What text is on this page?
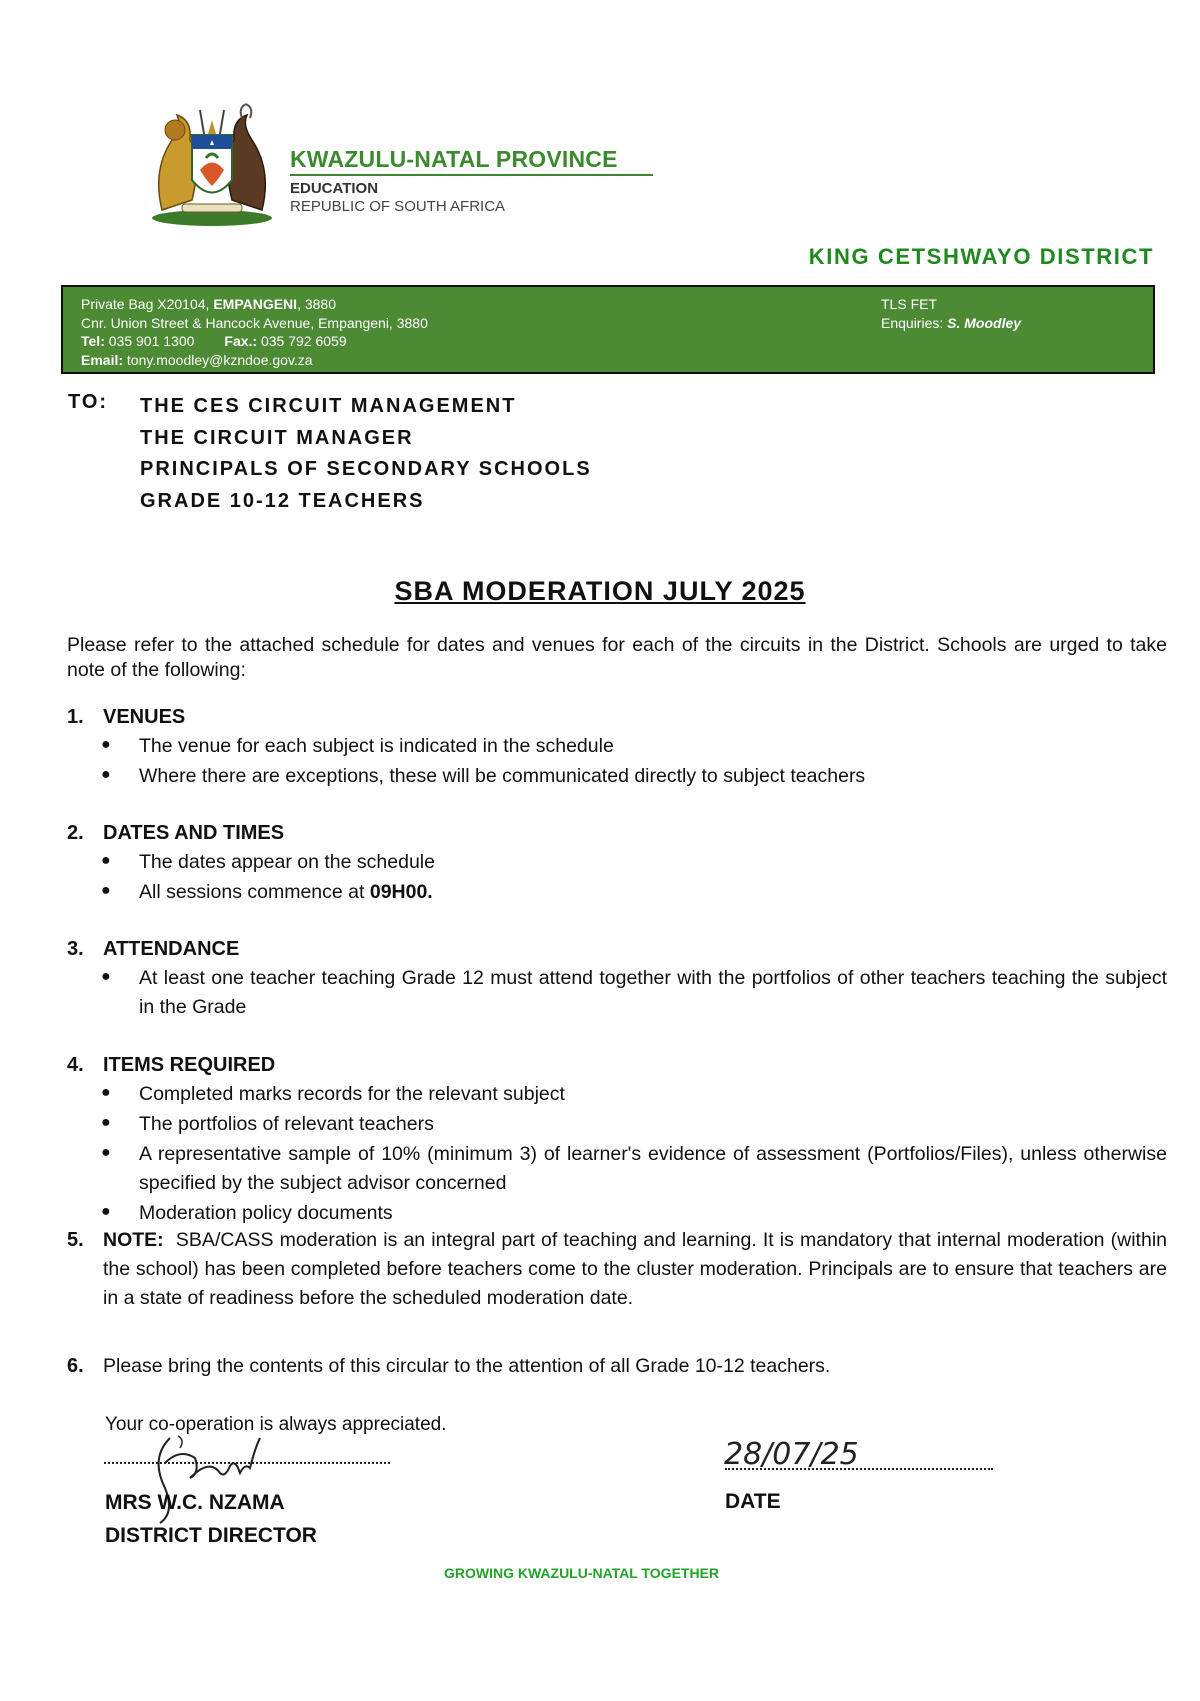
KWAZULU-NATAL PROVINCE
EDUCATION
REPUBLIC OF SOUTH AFRICA
KING CETSHWAYO DISTRICT
Private Bag X20104, EMPANGENI, 3880
Cnr. Union Street & Hancock Avenue, Empangeni, 3880
Tel: 035 901 1300 Fax.: 035 792 6059
Email: tony.moodley@kzndoe.gov.za
TLS FET
Enquiries: S. Moodley
TO: THE CES CIRCUIT MANAGEMENT
THE CIRCUIT MANAGER
PRINCIPALS OF SECONDARY SCHOOLS
GRADE 10-12 TEACHERS
SBA MODERATION JULY 2025
Please refer to the attached schedule for dates and venues for each of the circuits in the District. Schools are urged to take note of the following:
1. VENUES
● The venue for each subject is indicated in the schedule
● Where there are exceptions, these will be communicated directly to subject teachers
2. DATES AND TIMES
● The dates appear on the schedule
● All sessions commence at 09H00.
3. ATTENDANCE
● At least one teacher teaching Grade 12 must attend together with the portfolios of other teachers teaching the subject in the Grade
4. ITEMS REQUIRED
● Completed marks records for the relevant subject
● The portfolios of relevant teachers
● A representative sample of 10% (minimum 3) of learner's evidence of assessment (Portfolios/Files), unless otherwise specified by the subject advisor concerned
● Moderation policy documents
5. NOTE: SBA/CASS moderation is an integral part of teaching and learning. It is mandatory that internal moderation (within the school) has been completed before teachers come to the cluster moderation. Principals are to ensure that teachers are in a state of readiness before the scheduled moderation date.
6. Please bring the contents of this circular to the attention of all Grade 10-12 teachers.
Your co-operation is always appreciated.
MRS W.C. NZAMA
DISTRICT DIRECTOR
28/07/25
DATE
GROWING KWAZULU-NATAL TOGETHER
